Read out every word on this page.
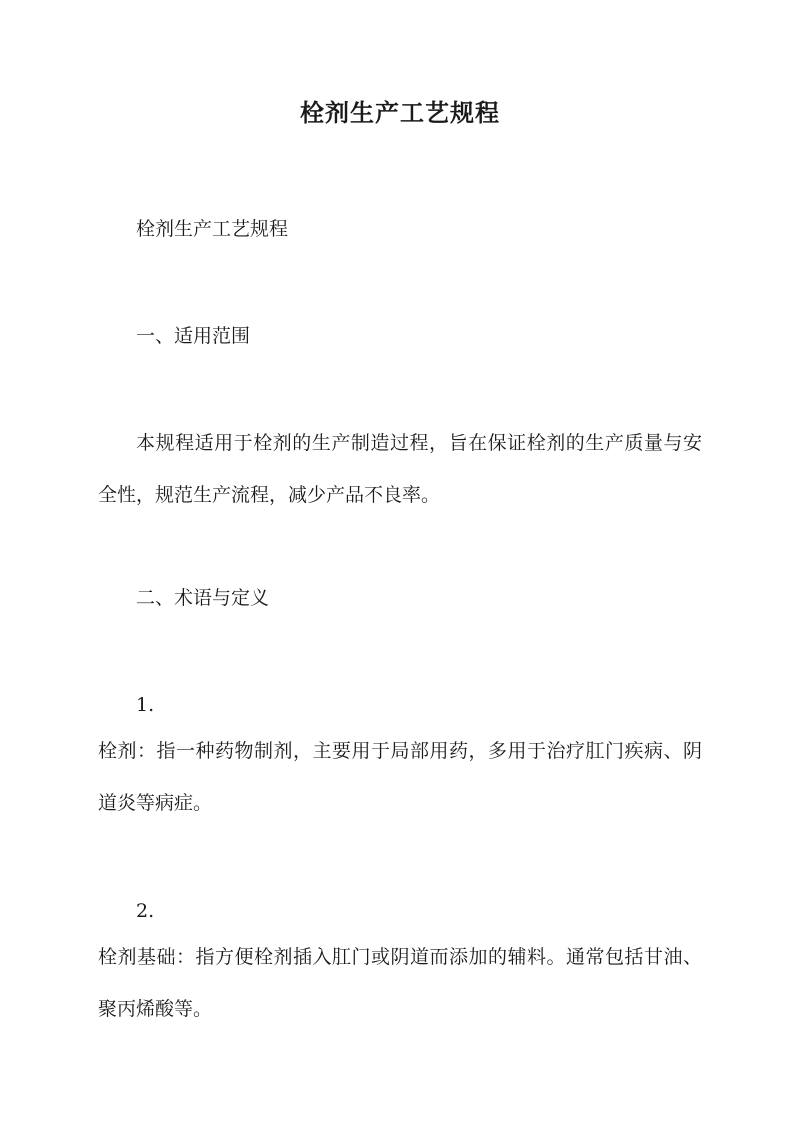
栓剂生产工艺规程
栓剂生产工艺规程
一、适用范围
本规程适用于栓剂的生产制造过程，旨在保证栓剂的生产质量与安全性，规范生产流程，减少产品不良率。
二、术语与定义
1.
栓剂：指一种药物制剂，主要用于局部用药，多用于治疗肛门疾病、阴道炎等病症。
2.
栓剂基础：指方便栓剂插入肛门或阴道而添加的辅料。通常包括甘油、聚丙烯酸等。
